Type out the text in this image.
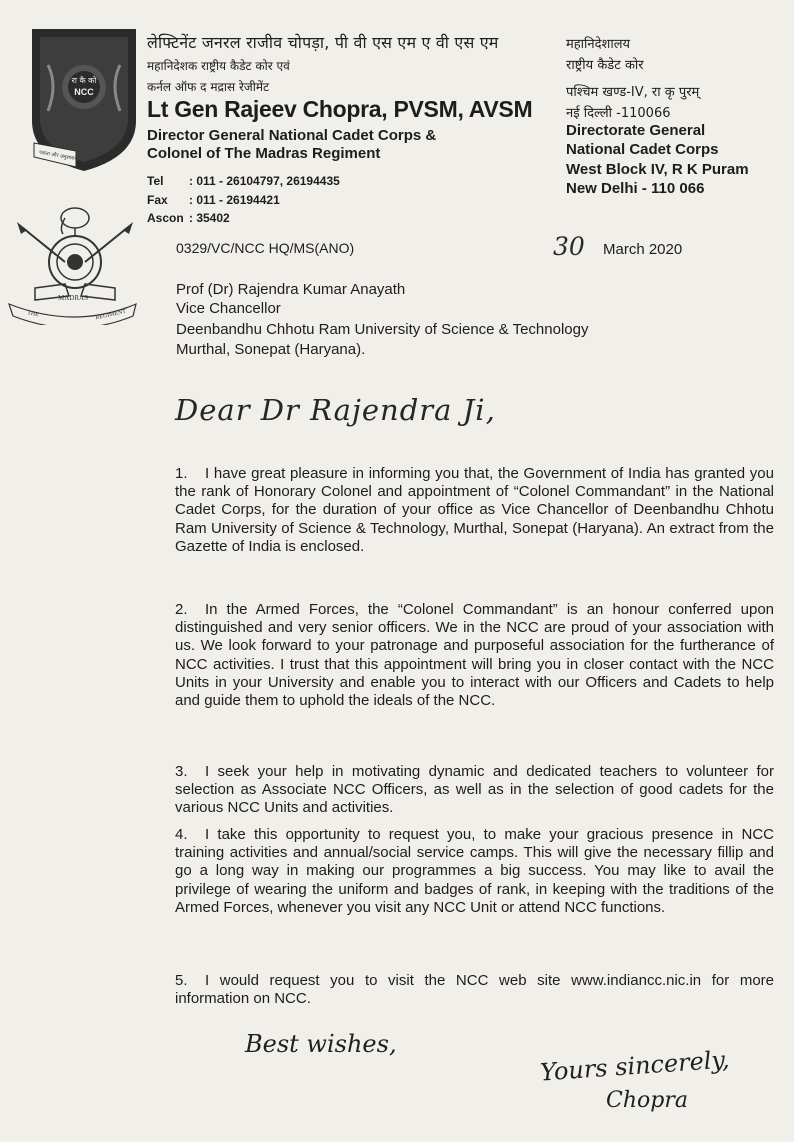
रा कै को
NCC
एकता और अनुशासन
THE
MADRAS
REGIMENT
लेफ्टिनेंट जनरल राजीव चोपड़ा, पी वी एस एम ए वी एस एम
महानिदेशक राष्ट्रीय कैडेट कोर एवं
कर्नल ऑफ द मद्रास रेजीमेंट
Lt Gen Rajeev Chopra, PVSM, AVSM
Director General National Cadet Corps &
Colonel of The Madras Regiment
Tel : 011 - 26104797, 26194435
Fax : 011 - 26194421
Ascon : 35402
महानिदेशालय
राष्ट्रीय कैडेट कोर
पश्चिम खण्ड-IV, रा कृ पुरम्
नई दिल्ली -110066
Directorate General
National Cadet Corps
West Block IV, R K Puram
New Delhi - 110 066
0329/VC/NCC HQ/MS(ANO)	30 March 2020
Prof (Dr) Rajendra Kumar Anayath
Vice Chancellor
Deenbandhu Chhotu Ram University of Science & Technology
Murthal, Sonepat (Haryana).
Dear Dr Rajendra Ji,
1. I have great pleasure in informing you that, the Government of India has granted you the rank of Honorary Colonel and appointment of “Colonel Commandant” in the National Cadet Corps, for the duration of your office as Vice Chancellor of Deenbandhu Chhotu Ram University of Science & Technology, Murthal, Sonepat (Haryana). An extract from the Gazette of India is enclosed.
2. In the Armed Forces, the “Colonel Commandant” is an honour conferred upon distinguished and very senior officers. We in the NCC are proud of your association with us. We look forward to your patronage and purposeful association for the furtherance of NCC activities. I trust that this appointment will bring you in closer contact with the NCC Units in your University and enable you to interact with our Officers and Cadets to help and guide them to uphold the ideals of the NCC.
3. I seek your help in motivating dynamic and dedicated teachers to volunteer for selection as Associate NCC Officers, as well as in the selection of good cadets for the various NCC Units and activities.
4. I take this opportunity to request you, to make your gracious presence in NCC training activities and annual/social service camps. This will give the necessary fillip and go a long way in making our programmes a big success. You may like to avail the privilege of wearing the uniform and badges of rank, in keeping with the traditions of the Armed Forces, whenever you visit any NCC Unit or attend NCC functions.
5. I would request you to visit the NCC web site www.indiancc.nic.in for more information on NCC.
Best wishes,
Yours sincerely,
Chopra
